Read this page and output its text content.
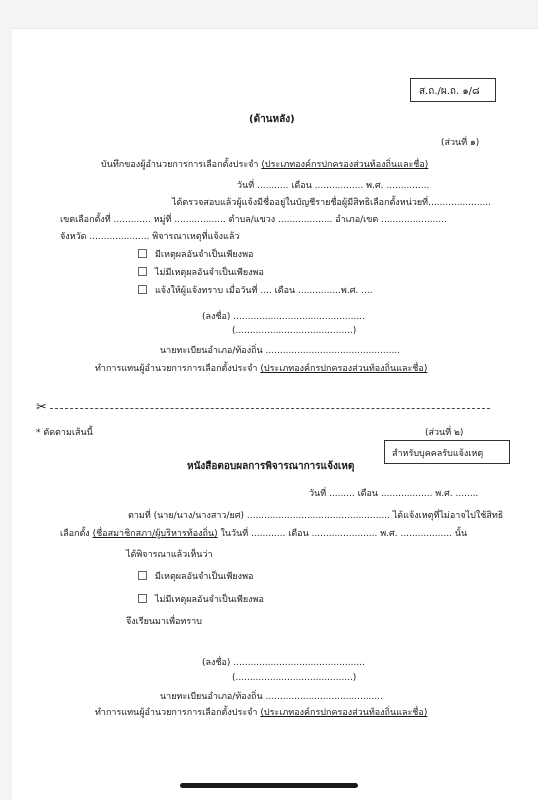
ส.ถ./ผ.ถ. ๑/๘
(ด้านหลัง)
(ส่วนที่ ๑)
บันทึกของผู้อำนวยการการเลือกตั้งประจำ (ประเภทองค์กรปกครองส่วนท้องถิ่นและชื่อ)
วันที่ ........... เดือน ................. พ.ศ. ...............
ได้ตรวจสอบแล้วผู้แจ้งมีชื่ออยู่ในบัญชีรายชื่อผู้มีสิทธิเลือกตั้งหน่วยที่......................
เขตเลือกตั้งที่ ............. หมู่ที่ .................. ตำบล/แขวง ................... อำเภอ/เขต .......................
จังหวัด ..................... พิจารณาเหตุที่แจ้งแล้ว
มีเหตุผลอันจำเป็นเพียงพอ
ไม่มีเหตุผลอันจำเป็นเพียงพอ
แจ้งให้ผู้แจ้งทราบ เมื่อวันที่ .... เดือน ...............พ.ศ. ....
(ลงชื่อ) ..............................................
(.........................................)
นายทะเบียนอำเภอ/ท้องถิ่น ...............................................
ทำการแทนผู้อำนวยการการเลือกตั้งประจำ (ประเภทองค์กรปกครองส่วนท้องถิ่นและชื่อ)
✂
* ตัดตามเส้นนี้	(ส่วนที่ ๒)
สำหรับบุคคลรับแจ้งเหตุ
หนังสือตอบผลการพิจารณาการแจ้งเหตุ
วันที่ ......... เดือน .................. พ.ศ. ........
ตามที่ (นาย/นาง/นางสาว/ยศ) .................................................. ได้แจ้งเหตุที่ไม่อาจไปใช้สิทธิ
เลือกตั้ง (ชื่อสมาชิกสภา/ผู้บริหารท้องถิ่น) ในวันที่ ............ เดือน ....................... พ.ศ. .................. นั้น
ได้พิจารณาแล้วเห็นว่า
มีเหตุผลอันจำเป็นเพียงพอ
ไม่มีเหตุผลอันจำเป็นเพียงพอ
จึงเรียนมาเพื่อทราบ
(ลงชื่อ) ..............................................
(.........................................)
นายทะเบียนอำเภอ/ท้องถิ่น .........................................
ทำการแทนผู้อำนวยการการเลือกตั้งประจำ (ประเภทองค์กรปกครองส่วนท้องถิ่นและชื่อ)
